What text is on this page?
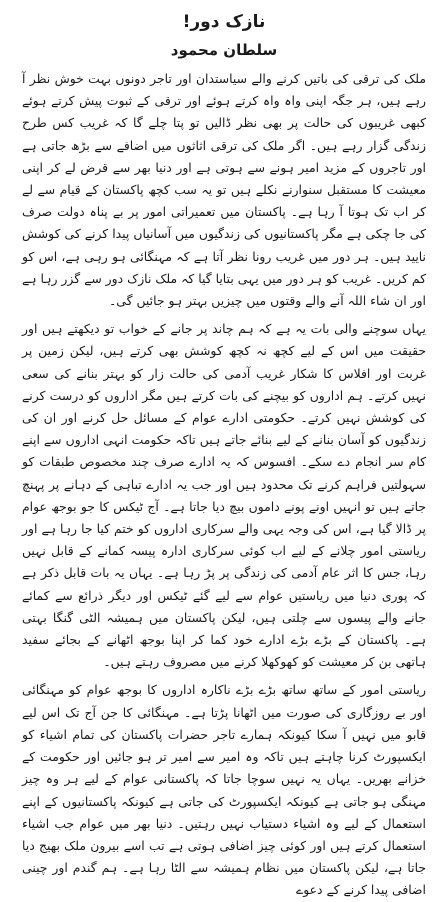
نازک دور!
سلطان محمود

ملک کی ترقی کی باتیں کرنے والے سیاستدان اور تاجر دونوں بہت خوش نظر آ رہے ہیں، ہر جگہ اپنی واہ واہ کرتے ہوئے اور ترقی کے ثبوت پیش کرتے ہوئے کبھی غریبوں کی حالت پر بھی نظر ڈالیں تو پتا چلے گا کہ غریب کس طرح زندگی گزار رہے ہیں۔ اگر ملک کی ترقی اثاثوں میں اضافے سے بڑھ جاتی ہے اور تاجروں کے مزید امیر ہونے سے ہوتی ہے اور دنیا بھر سے قرض لے کر اپنی معیشت کا مستقبل سنوارنے نکلے ہیں تو یہ سب کچھ پاکستان کے قیام سے لے کر اب تک ہوتا آ رہا ہے۔ پاکستان میں تعمیراتی امور پر بے پناہ دولت صرف کی جا چکی ہے مگر پاکستانیوں کی زندگیوں میں آسانیاں پیدا کرنے کی کوشش نایید ہیں۔ ہر دور میں غریب رونا نظر آتا ہے کہ مہنگائی ہو رہی ہے، اس کو کم کریں۔ غریب کو ہر دور میں یہی بتایا گیا کہ ملک نازک دور سے گزر رہا ہے اور ان شاء اللہ آنے والے وقتوں میں چیزیں بہتر ہو جائیں گی۔

یہاں سوچنے والی بات یہ ہے کہ ہم چاند پر جانے کے خواب تو دیکھتے ہیں اور حقیقت میں اس کے لیے کچھ نہ کچھ کوشش بھی کرتے ہیں، لیکن زمین پر غربت اور افلاس کا شکار غریب آدمی کی حالت زار کو بہتر بنانے کی سعی نہیں کرتے۔ ہم اداروں کو بیچنے کی بات کرتے ہیں مگر اداروں کو درست کرنے کی کوشش نہیں کرتے۔ حکومتی ادارے عوام کے مسائل حل کرنے اور ان کی زندگیوں کو آسان بنانے کے لیے بنائے جاتے ہیں تاکہ حکومت انہی اداروں سے اپنے کام سر انجام دے سکے۔ افسوس کہ یہ ادارے صرف چند مخصوص طبقات کو سہولتیں فراہم کرنے تک محدود ہیں اور جب یہ ادارے تباہی کے دہانے پر پہنچ جاتے ہیں تو انہیں اونے پونے داموں بیچ دیا جاتا ہے۔ آج ٹیکس کا جو بوجھ عوام پر ڈالا گیا ہے، اس کی وجہ یہی والے سرکاری اداروں کو ختم کیا جا رہا ہے اور ریاستی امور چلانے کے لیے اب کوئی سرکاری ادارہ پیسہ کمانے کے قابل نہیں رہا، جس کا اثر عام آدمی کی زندگی پر پڑ رہا ہے۔ یہاں یہ بات قابل ذکر ہے کہ پوری دنیا میں ریاستیں عوام سے لیے گئے ٹیکس اور دیگر ذرائع سے کمائے جانے والے پیسوں سے چلتی ہیں، لیکن پاکستان میں ہمیشہ الٹی گنگا بہتی ہے۔ پاکستان کے بڑے بڑے ادارے خود کما کر اپنا بوجھ اٹھانے کے بجائے سفید ہاتھی بن کر معیشت کو کھوکھلا کرنے میں مصروف رہتے ہیں۔

ریاستی امور کے ساتھ ساتھ بڑے بڑے ناکارہ اداروں کا بوجھ عوام کو مہنگائی اور بے روزگاری کی صورت میں اٹھانا پڑتا ہے۔ مہنگائی کا جن آج تک اس لیے قابو میں نہیں آ سکا کیونکہ ہمارے تاجر حضرات پاکستان کی تمام اشیاء کو ایکسپورٹ کرنا چاہتے ہیں تاکہ وہ امیر سے امیر تر ہو جائیں اور حکومت کے خزانے بھریں۔ یہاں یہ نہیں سوچا جاتا کہ پاکستانی عوام کے لیے ہر وہ چیز مہنگی ہو جاتی ہے کیونکہ ایکسپورٹ کی جاتی ہے کیونکہ پاکستانیوں کے اپنے استعمال کے لیے وہ اشیاء دستیاب نہیں رہتیں۔ دنیا بھر میں عوام جب اشیاء استعمال کرتے ہیں اور کوئی چیز اضافی ہوتی ہے تب اسے بیرون ملک بھیج دیا جاتا ہے، لیکن پاکستان میں نظام ہمیشہ سے الٹا رہا ہے۔ ہم گندم اور چینی اضافی پیدا کرنے کے دعوے
